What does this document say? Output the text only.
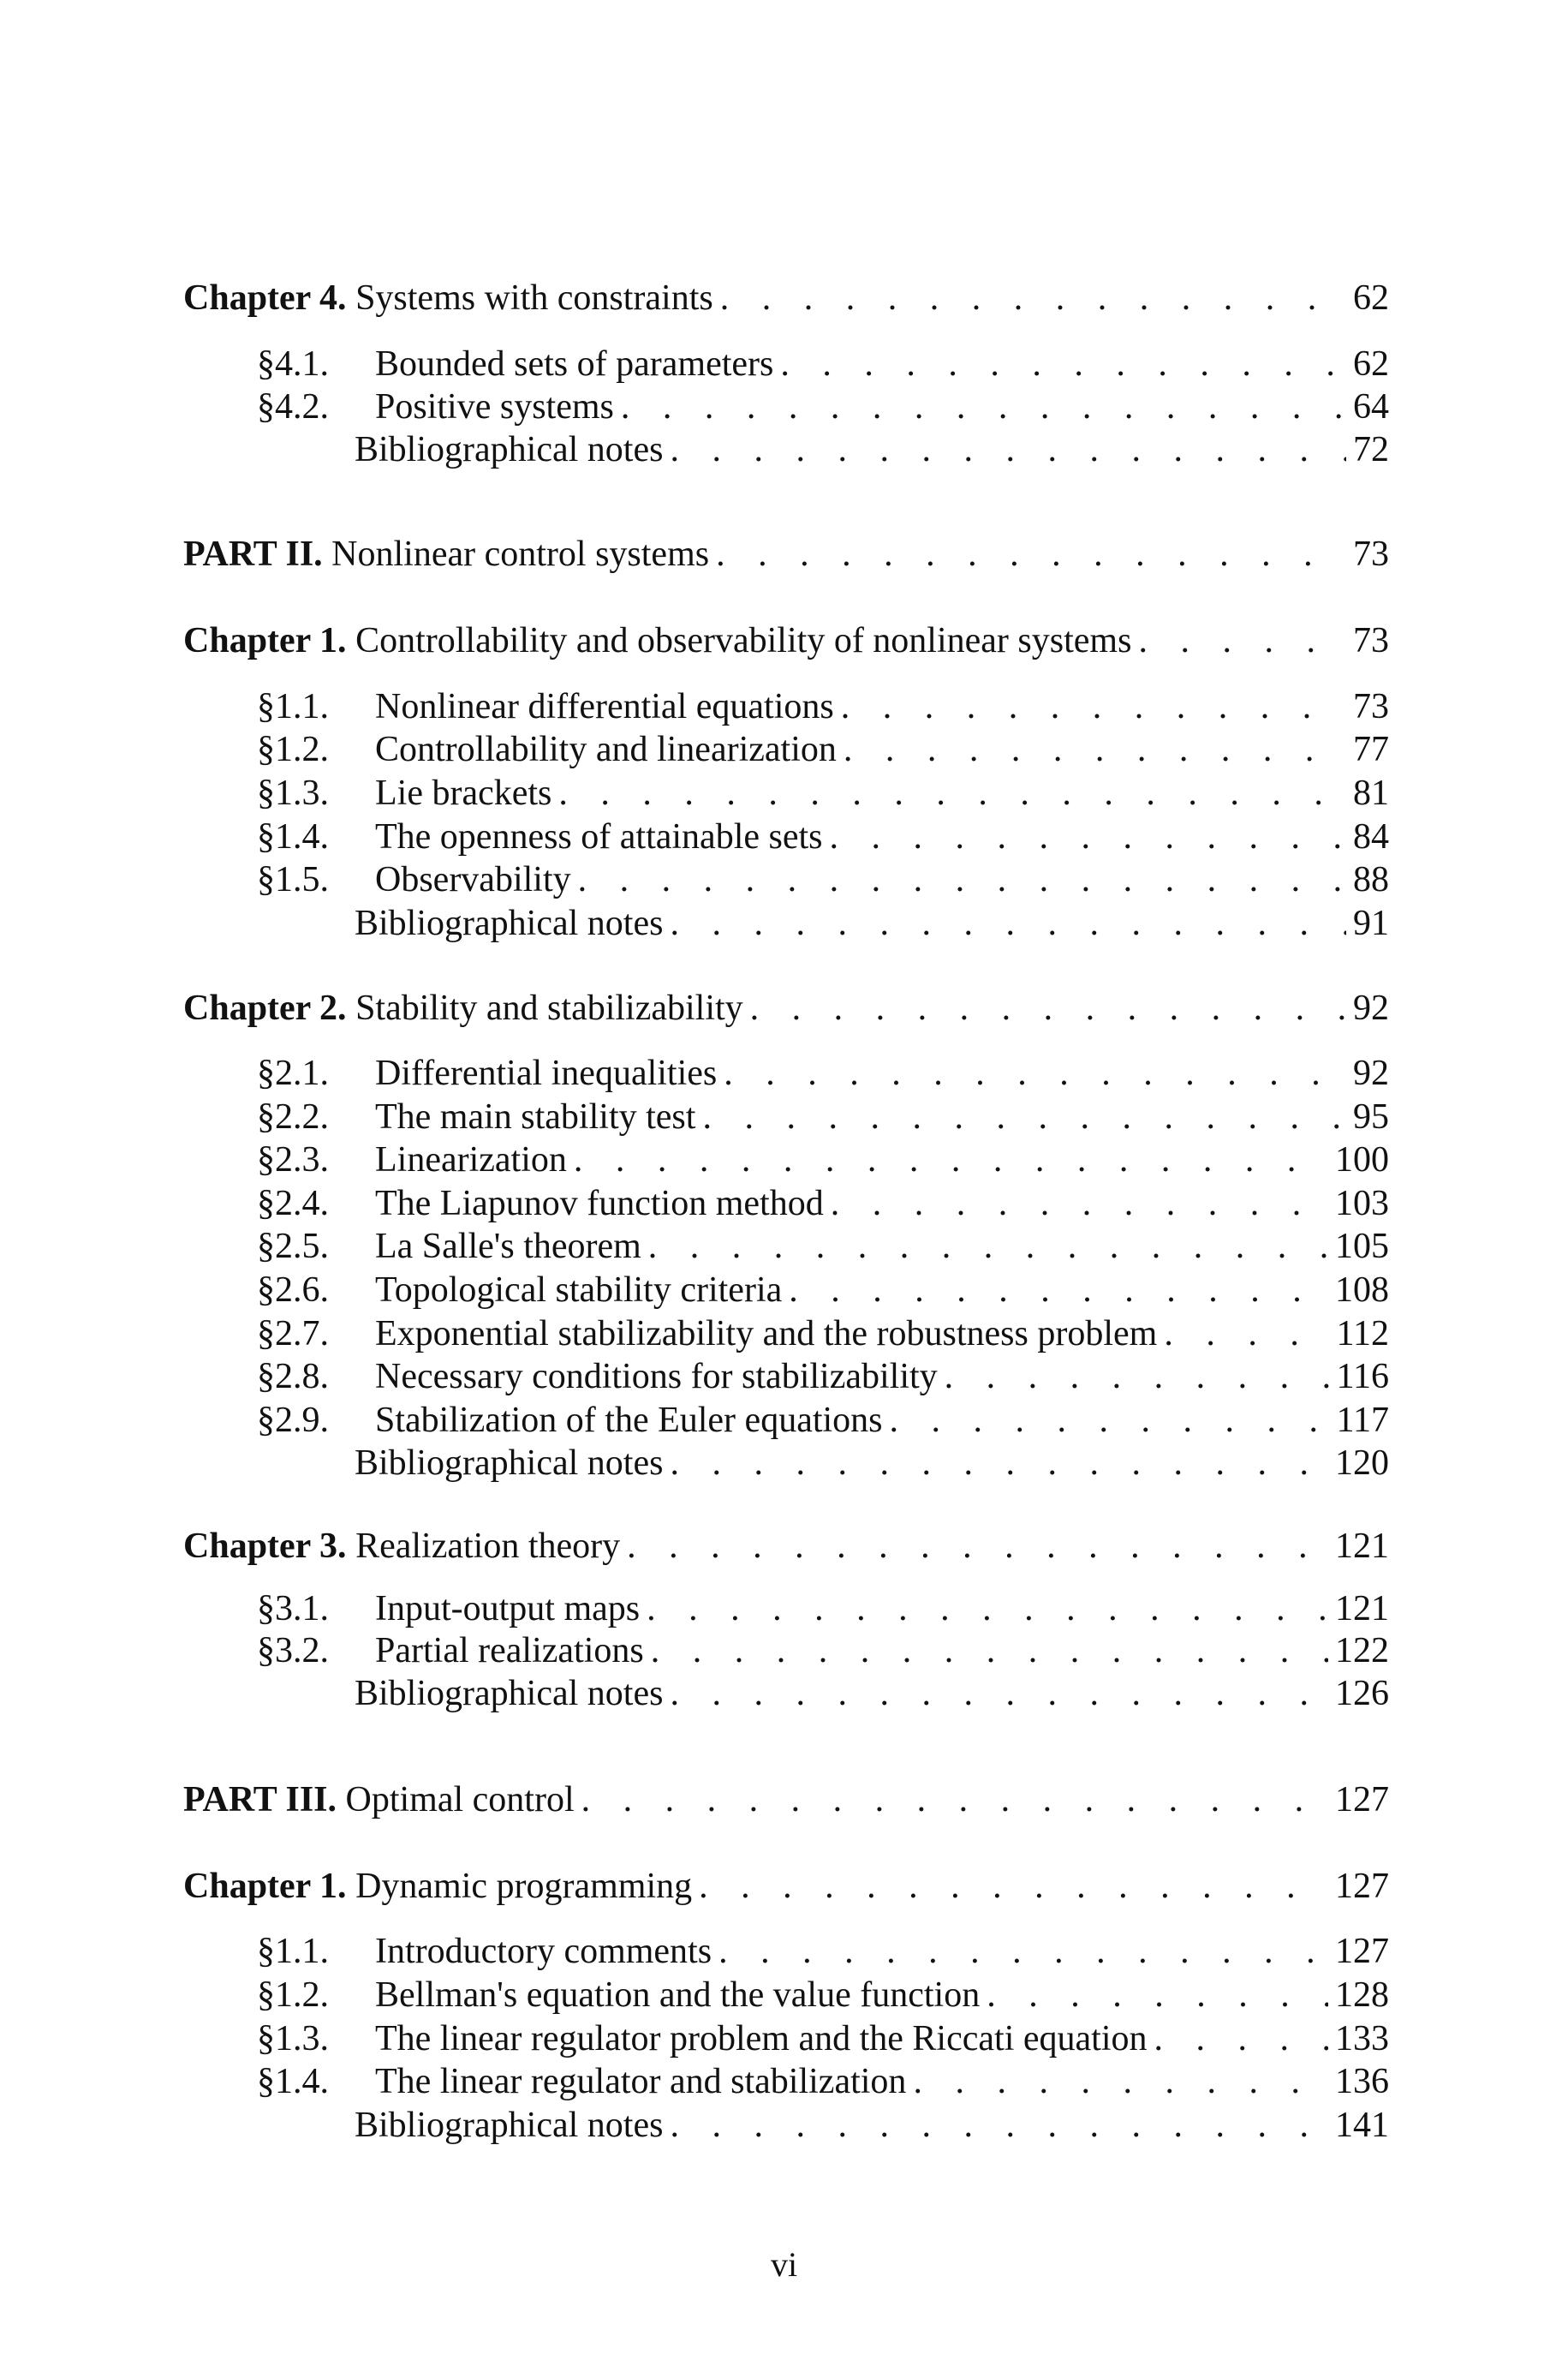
Chapter 4. Systems with constraints . . .	62
§4.1. Bounded sets of parameters . . .	62
§4.2. Positive systems . . .	64
Bibliographical notes . . .	72
PART II. Nonlinear control systems . . .	73
Chapter 1. Controllability and observability of nonlinear systems . . .	73
§1.1. Nonlinear differential equations . . .	73
§1.2. Controllability and linearization . . .	77
§1.3. Lie brackets . . .	81
§1.4. The openness of attainable sets . . .	84
§1.5. Observability . . .	88
Bibliographical notes . . .	91
Chapter 2. Stability and stabilizability . . .	92
§2.1. Differential inequalities . . .	92
§2.2. The main stability test . . .	95
§2.3. Linearization . . .	100
§2.4. The Liapunov function method . . .	103
§2.5. La Salle's theorem . . .	105
§2.6. Topological stability criteria . . .	108
§2.7. Exponential stabilizability and the robustness problem . . .	112
§2.8. Necessary conditions for stabilizability . . .	116
§2.9. Stabilization of the Euler equations . . .	117
Bibliographical notes . . .	120
Chapter 3. Realization theory . . .	121
§3.1. Input-output maps . . .	121
§3.2. Partial realizations . . .	122
Bibliographical notes . . .	126
PART III. Optimal control . . .	127
Chapter 1. Dynamic programming . . .	127
§1.1. Introductory comments . . .	127
§1.2. Bellman's equation and the value function . . .	128
§1.3. The linear regulator problem and the Riccati equation . . .	133
§1.4. The linear regulator and stabilization . . .	136
Bibliographical notes . . .	141
vi
